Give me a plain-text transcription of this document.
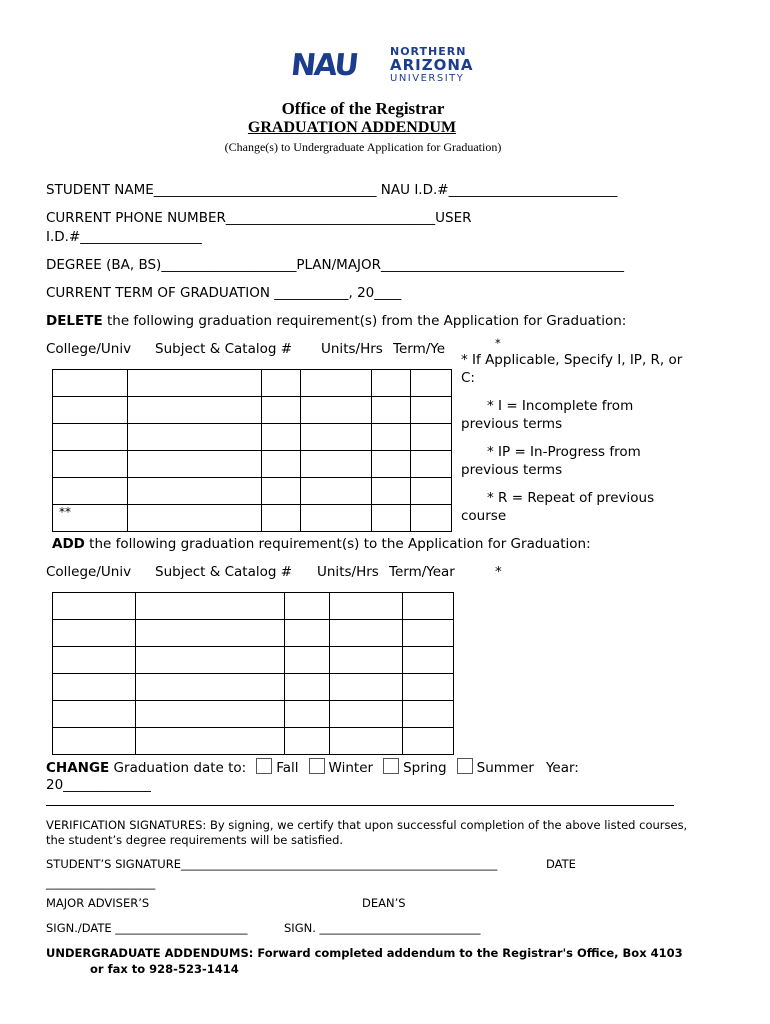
NAU	NORTHERN
ARIZONA
UNIVERSITY
Office of the Registrar
GRADUATION ADDENDUM
(Change(s) to Undergraduate Application for Graduation)
STUDENT NAME_________________________________ NAU I.D.#_________________________
CURRENT PHONE NUMBER_______________________________USER
I.D.#__________________
DEGREE (BA, BS)____________________PLAN/MAJOR____________________________________
CURRENT TERM OF GRADUATION ___________, 20____
DELETE the following graduation requirement(s) from the Application for Graduation:
College/Univ Subject & Catalog # Units/Hrs Term/Ye	*

**					
* If Applicable, Specify I, IP, R, or
C:
* I = Incomplete from
previous terms
* IP = In-Progress from
previous terms
* R = Repeat of previous
course
ADD the following graduation requirement(s) to the Application for Graduation:
College/Univ Subject & Catalog # Units/Hrs Term/Year	*

CHANGE Graduation date to: Fall Winter Spring Summer Year:
20_____________
VERIFICATION SIGNATURES: By signing, we certify that upon successful completion of the above listed courses,
the student’s degree requirements will be satisfied.
STUDENT’S SIGNATURE_______________________________________________________	DATE
___________________
MAJOR ADVISER’S	DEAN’S
SIGN./DATE _______________________	SIGN. ____________________________
UNDERGRADUATE ADDENDUMS: Forward completed addendum to the Registrar's Office, Box 4103
or fax to 928-523-1414
